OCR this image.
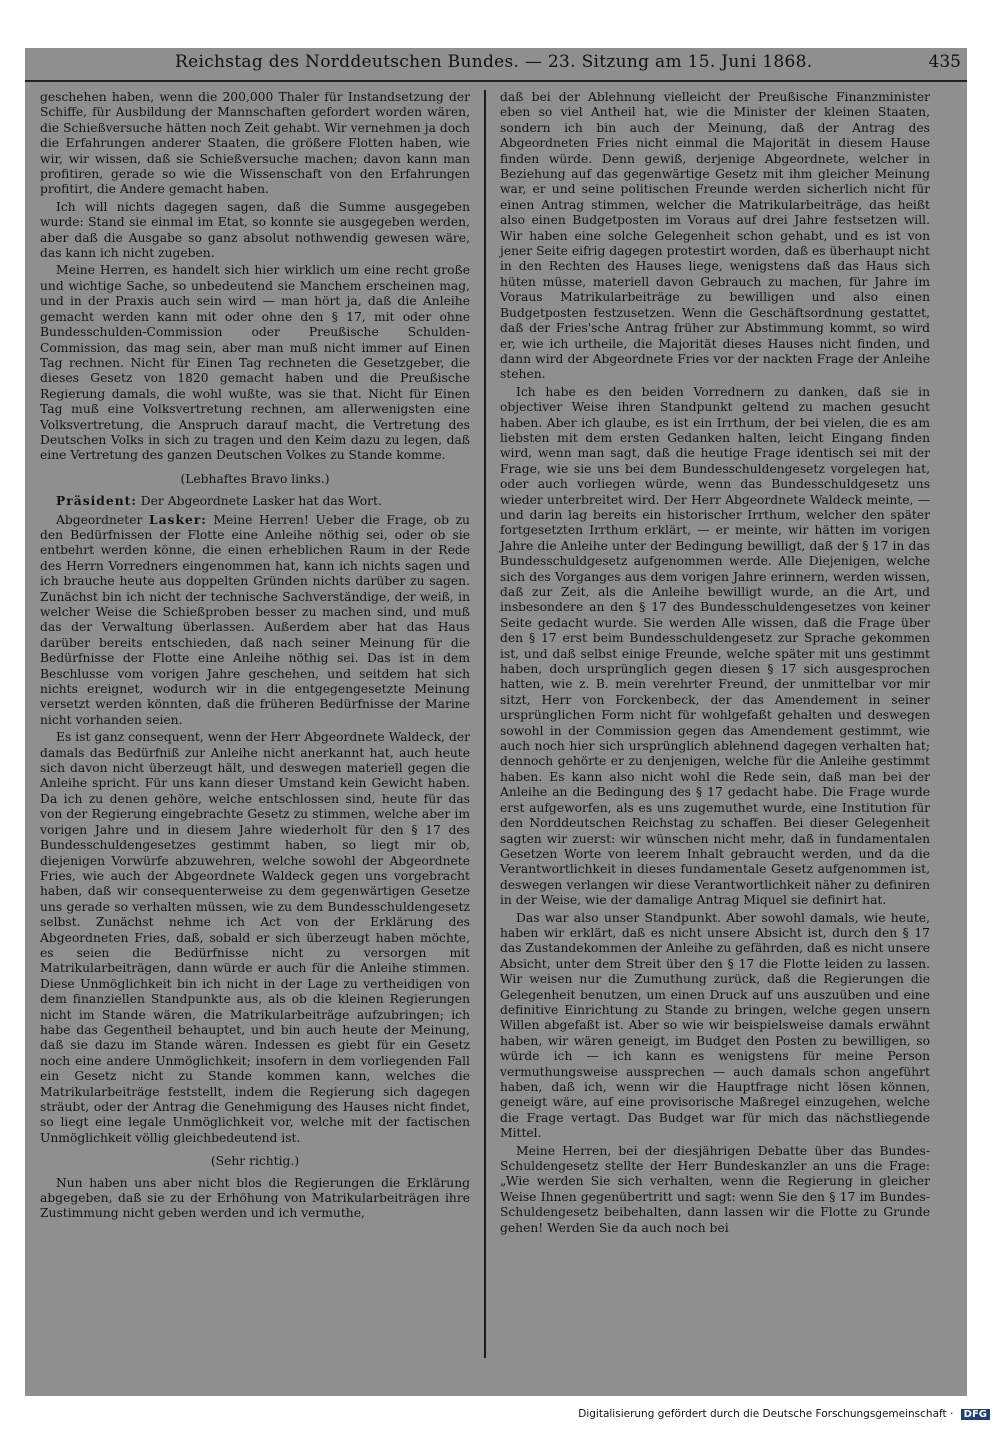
Reichstag des Norddeutschen Bundes. — 23. Sitzung am 15. Juni 1868.	435

geschehen haben, wenn die 200,000 Thaler für Instandsetzung der Schiffe, für Ausbildung der Mannschaften gefordert worden wären, die Schießversuche hätten noch Zeit gehabt. Wir vernehmen ja doch die Erfahrungen anderer Staaten, die größere Flotten haben, wie wir, wir wissen, daß sie Schießversuche machen; davon kann man profitiren, gerade so wie die Wissenschaft von den Erfahrungen profitirt, die Andere gemacht haben.

Ich will nichts dagegen sagen, daß die Summe ausgegeben wurde: Stand sie einmal im Etat, so konnte sie ausgegeben werden, aber daß die Ausgabe so ganz absolut nothwendig gewesen wäre, das kann ich nicht zugeben.

Meine Herren, es handelt sich hier wirklich um eine recht große und wichtige Sache, so unbedeutend sie Manchem erscheinen mag, und in der Praxis auch sein wird — man hört ja, daß die Anleihe gemacht werden kann mit oder ohne den § 17, mit oder ohne Bundesschulden-Commission oder Preußische Schulden-Commission, das mag sein, aber man muß nicht immer auf Einen Tag rechnen. Nicht für Einen Tag rechneten die Gesetzgeber, die dieses Gesetz von 1820 gemacht haben und die Preußische Regierung damals, die wohl wußte, was sie that. Nicht für Einen Tag muß eine Volksvertretung rechnen, am allerwenigsten eine Volksvertretung, die Anspruch darauf macht, die Vertretung des Deutschen Volks in sich zu tragen und den Keim dazu zu legen, daß eine Vertretung des ganzen Deutschen Volkes zu Stande komme.

(Lebhaftes Bravo links.)

Präsident: Der Abgeordnete Lasker hat das Wort.

Abgeordneter Lasker: Meine Herren! Ueber die Frage, ob zu den Bedürfnissen der Flotte eine Anleihe nöthig sei, oder ob sie entbehrt werden könne, die einen erheblichen Raum in der Rede des Herrn Vorredners eingenommen hat, kann ich nichts sagen und ich brauche heute aus doppelten Gründen nichts darüber zu sagen. Zunächst bin ich nicht der technische Sachverständige, der weiß, in welcher Weise die Schießproben besser zu machen sind, und muß das der Verwaltung überlassen. Außerdem aber hat das Haus darüber bereits entschieden, daß nach seiner Meinung für die Bedürfnisse der Flotte eine Anleihe nöthig sei. Das ist in dem Beschlusse vom vorigen Jahre geschehen, und seitdem hat sich nichts ereignet, wodurch wir in die entgegengesetzte Meinung versetzt werden könnten, daß die früheren Bedürfnisse der Marine nicht vorhanden seien.

Es ist ganz consequent, wenn der Herr Abgeordnete Waldeck, der damals das Bedürfniß zur Anleihe nicht anerkannt hat, auch heute sich davon nicht überzeugt hält, und deswegen materiell gegen die Anleihe spricht. Für uns kann dieser Umstand kein Gewicht haben. Da ich zu denen gehöre, welche entschlossen sind, heute für das von der Regierung eingebrachte Gesetz zu stimmen, welche aber im vorigen Jahre und in diesem Jahre wiederholt für den § 17 des Bundesschuldengesetzes gestimmt haben, so liegt mir ob, diejenigen Vorwürfe abzuwehren, welche sowohl der Abgeordnete Fries, wie auch der Abgeordnete Waldeck gegen uns vorgebracht haben, daß wir consequenterweise zu dem gegenwärtigen Gesetze uns gerade so verhalten müssen, wie zu dem Bundesschuldengesetz selbst. Zunächst nehme ich Act von der Erklärung des Abgeordneten Fries, daß, sobald er sich überzeugt haben möchte, es seien die Bedürfnisse nicht zu versorgen mit Matrikularbeiträgen, dann würde er auch für die Anleihe stimmen. Diese Unmöglichkeit bin ich nicht in der Lage zu vertheidigen von dem finanziellen Standpunkte aus, als ob die kleinen Regierungen nicht im Stande wären, die Matrikularbeiträge aufzubringen; ich habe das Gegentheil behauptet, und bin auch heute der Meinung, daß sie dazu im Stande wären. Indessen es giebt für ein Gesetz noch eine andere Unmöglichkeit; insofern in dem vorliegenden Fall ein Gesetz nicht zu Stande kommen kann, welches die Matrikularbeiträge feststellt, indem die Regierung sich dagegen sträubt, oder der Antrag die Genehmigung des Hauses nicht findet, so liegt eine legale Unmöglichkeit vor, welche mit der factischen Unmöglichkeit völlig gleichbedeutend ist.

(Sehr richtig.)

Nun haben uns aber nicht blos die Regierungen die Erklärung abgegeben, daß sie zu der Erhöhung von Matrikularbeiträgen ihre Zustimmung nicht geben werden und ich vermuthe,

daß bei der Ablehnung vielleicht der Preußische Finanzminister eben so viel Antheil hat, wie die Minister der kleinen Staaten, sondern ich bin auch der Meinung, daß der Antrag des Abgeordneten Fries nicht einmal die Majorität in diesem Hause finden würde. Denn gewiß, derjenige Abgeordnete, welcher in Beziehung auf das gegenwärtige Gesetz mit ihm gleicher Meinung war, er und seine politischen Freunde werden sicherlich nicht für einen Antrag stimmen, welcher die Matrikularbeiträge, das heißt also einen Budgetposten im Voraus auf drei Jahre festsetzen will. Wir haben eine solche Gelegenheit schon gehabt, und es ist von jener Seite eifrig dagegen protestirt worden, daß es überhaupt nicht in den Rechten des Hauses liege, wenigstens daß das Haus sich hüten müsse, materiell davon Gebrauch zu machen, für Jahre im Voraus Matrikularbeiträge zu bewilligen und also einen Budgetposten festzusetzen. Wenn die Geschäftsordnung gestattet, daß der Fries'sche Antrag früher zur Abstimmung kommt, so wird er, wie ich urtheile, die Majorität dieses Hauses nicht finden, und dann wird der Abgeordnete Fries vor der nackten Frage der Anleihe stehen.

Ich habe es den beiden Vorrednern zu danken, daß sie in objectiver Weise ihren Standpunkt geltend zu machen gesucht haben. Aber ich glaube, es ist ein Irrthum, der bei vielen, die es am liebsten mit dem ersten Gedanken halten, leicht Eingang finden wird, wenn man sagt, daß die heutige Frage identisch sei mit der Frage, wie sie uns bei dem Bundesschuldengesetz vorgelegen hat, oder auch vorliegen würde, wenn das Bundesschuldgesetz uns wieder unterbreitet wird. Der Herr Abgeordnete Waldeck meinte, — und darin lag bereits ein historischer Irrthum, welcher den später fortgesetzten Irrthum erklärt, — er meinte, wir hätten im vorigen Jahre die Anleihe unter der Bedingung bewilligt, daß der § 17 in das Bundesschuldgesetz aufgenommen werde. Alle Diejenigen, welche sich des Vorganges aus dem vorigen Jahre erinnern, werden wissen, daß zur Zeit, als die Anleihe bewilligt wurde, an die Art, und insbesondere an den § 17 des Bundesschuldengesetzes von keiner Seite gedacht wurde. Sie werden Alle wissen, daß die Frage über den § 17 erst beim Bundesschuldengesetz zur Sprache gekommen ist, und daß selbst einige Freunde, welche später mit uns gestimmt haben, doch ursprünglich gegen diesen § 17 sich ausgesprochen hatten, wie z. B. mein verehrter Freund, der unmittelbar vor mir sitzt, Herr von Forckenbeck, der das Amendement in seiner ursprünglichen Form nicht für wohlgefaßt gehalten und deswegen sowohl in der Commission gegen das Amendement gestimmt, wie auch noch hier sich ursprünglich ablehnend dagegen verhalten hat; dennoch gehörte er zu denjenigen, welche für die Anleihe gestimmt haben. Es kann also nicht wohl die Rede sein, daß man bei der Anleihe an die Bedingung des § 17 gedacht habe. Die Frage wurde erst aufgeworfen, als es uns zugemuthet wurde, eine Institution für den Norddeutschen Reichstag zu schaffen. Bei dieser Gelegenheit sagten wir zuerst: wir wünschen nicht mehr, daß in fundamentalen Gesetzen Worte von leerem Inhalt gebraucht werden, und da die Verantwortlichkeit in dieses fundamentale Gesetz aufgenommen ist, deswegen verlangen wir diese Verantwortlichkeit näher zu definiren in der Weise, wie der damalige Antrag Miquel sie definirt hat.

Das war also unser Standpunkt. Aber sowohl damals, wie heute, haben wir erklärt, daß es nicht unsere Absicht ist, durch den § 17 das Zustandekommen der Anleihe zu gefährden, daß es nicht unsere Absicht, unter dem Streit über den § 17 die Flotte leiden zu lassen. Wir weisen nur die Zumuthung zurück, daß die Regierungen die Gelegenheit benutzen, um einen Druck auf uns auszuüben und eine definitive Einrichtung zu Stande zu bringen, welche gegen unsern Willen abgefaßt ist. Aber so wie wir beispielsweise damals erwähnt haben, wir wären geneigt, im Budget den Posten zu bewilligen, so würde ich — ich kann es wenigstens für meine Person vermuthungsweise aussprechen — auch damals schon angeführt haben, daß ich, wenn wir die Hauptfrage nicht lösen können, geneigt wäre, auf eine provisorische Maßregel einzugehen, welche die Frage vertagt. Das Budget war für mich das nächstliegende Mittel.

Meine Herren, bei der diesjährigen Debatte über das Bundes-Schuldengesetz stellte der Herr Bundeskanzler an uns die Frage: „Wie werden Sie sich verhalten, wenn die Regierung in gleicher Weise Ihnen gegenübertritt und sagt: wenn Sie den § 17 im Bundes-Schuldengesetz beibehalten, dann lassen wir die Flotte zu Grunde gehen! Werden Sie da auch noch bei

Digitalisierung gefördert durch die Deutsche Forschungsgemeinschaft · DFG
